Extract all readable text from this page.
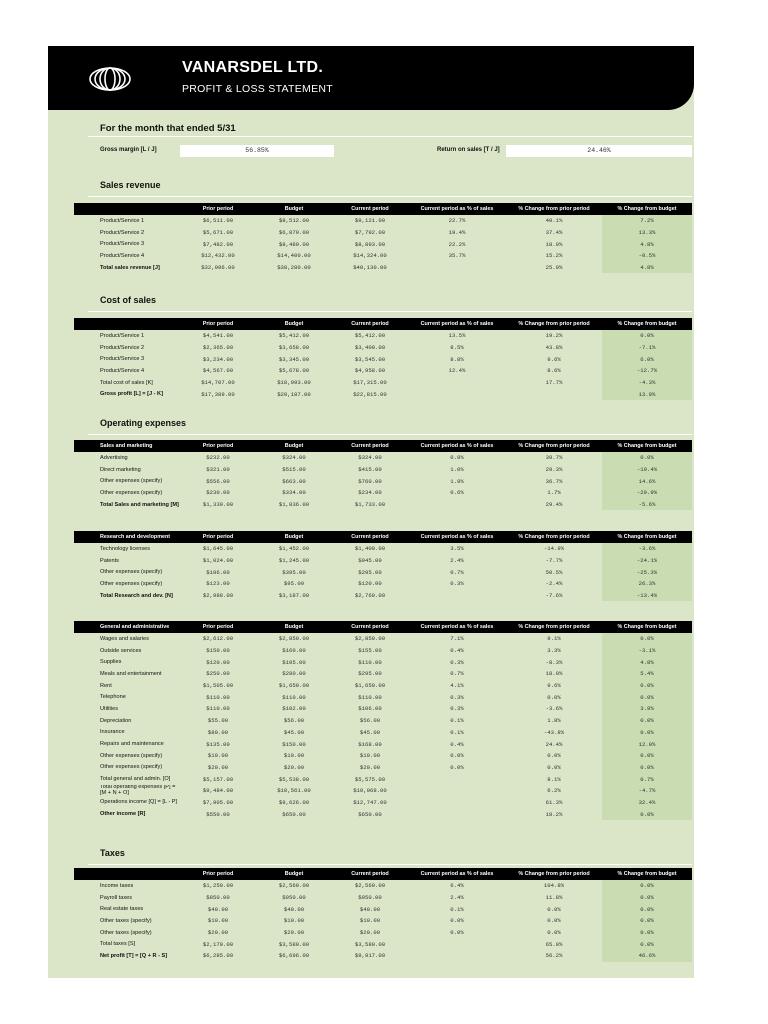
VANARSDEL LTD.
PROFIT & LOSS STATEMENT
For the month that ended 5/31
Gross margin [L / J]	56.85%	Return on sales [T / J]	24.46%
Sales revenue
	Prior period	Budget	Current period	Current period as % of sales	% Change from prior period	% Change from budget
Product/Service 1	$6,511.00	$8,512.00	$9,121.00	22.7%	40.1%	7.2%
Product/Service 2	$5,671.00	$6,879.00	$7,792.00	19.4%	37.4%	13.3%
Product/Service 3	$7,482.00	$8,489.00	$8,893.00	22.2%	18.9%	4.8%
Product/Service 4	$12,432.00	$14,400.00	$14,324.00	35.7%	15.2%	-0.5%
Total sales revenue [J]	$32,096.00	$38,280.00	$40,130.00		25.0%	4.8%
Cost of sales
	Prior period	Budget	Current period	Current period as % of sales	% Change from prior period	% Change from budget
Product/Service 1	$4,541.00	$5,412.00	$5,412.00	13.5%	19.2%	0.0%
Product/Service 2	$2,365.00	$3,658.00	$3,400.00	8.5%	43.8%	-7.1%
Product/Service 3	$3,234.00	$3,345.00	$3,545.00	8.8%	9.6%	6.0%
Product/Service 4	$4,567.00	$5,678.00	$4,958.00	12.4%	8.6%	-12.7%
Total cost of sales [K]	$14,707.00	$18,093.00	$17,315.00		17.7%	-4.3%
Gross profit [L] = [J - K]	$17,389.00	$20,187.00	$22,815.00			13.0%
Operating expenses
Sales and marketing	Prior period	Budget	Current period	Current period as % of sales	% Change from prior period	% Change from budget
Advertising	$232.00	$324.00	$324.00	0.8%	39.7%	0.0%
Direct marketing	$321.00	$515.00	$415.00	1.0%	29.3%	-19.4%
Other expenses (specify)	$556.00	$663.00	$760.00	1.9%	36.7%	14.6%
Other expenses (specify)	$230.00	$334.00	$234.00	0.6%	1.7%	-29.9%
Total Sales and marketing [M]	$1,339.00	$1,836.00	$1,733.00		29.4%	-5.6%
Research and development	Prior period	Budget	Current period	Current period as % of sales	% Change from prior period	% Change from budget
Technology licenses	$1,645.00	$1,452.00	$1,400.00	3.5%	-14.9%	-3.6%
Patents	$1,024.00	$1,245.00	$945.00	2.4%	-7.7%	-24.1%
Other expenses (specify)	$196.00	$395.00	$295.00	0.7%	50.5%	-25.3%
Other expenses (specify)	$123.00	$95.00	$120.00	0.3%	-2.4%	26.3%
Total Research and dev. [N]	$2,988.00	$3,187.00	$2,760.00		-7.6%	-13.4%
General and administrative	Prior period	Budget	Current period	Current period as % of sales	% Change from prior period	% Change from budget
Wages and salaries	$2,612.00	$2,850.00	$2,850.00	7.1%	9.1%	0.0%
Outside services	$150.00	$160.00	$155.00	0.4%	3.3%	-3.1%
Supplies	$120.00	$105.00	$110.00	0.3%	-8.3%	4.8%
Meals and entertainment	$250.00	$280.00	$295.00	0.7%	18.0%	5.4%
Rent	$1,505.00	$1,650.00	$1,650.00	4.1%	9.6%	0.0%
Telephone	$110.00	$110.00	$110.00	0.3%	0.0%	0.0%
Utilities	$110.00	$102.00	$106.00	0.3%	-3.6%	3.9%
Depreciation	$55.00	$56.00	$56.00	0.1%	1.8%	0.0%
Insurance	$80.00	$45.00	$45.00	0.1%	-43.8%	0.0%
Repairs and maintenance	$135.00	$150.00	$168.00	0.4%	24.4%	12.0%
Other expenses (specify)	$10.00	$10.00	$10.00	0.0%	0.0%	0.0%
Other expenses (specify)	$20.00	$20.00	$20.00	0.0%	0.0%	0.0%
Total general and admin. [O]	$5,157.00	$5,538.00	$5,575.00		8.1%	0.7%
Total operating expenses [P] = [M + N + O]	$9,484.00	$10,561.00	$10,068.00		6.2%	-4.7%
Operations income [Q] = [L - P]	$7,905.00	$9,626.00	$12,747.00		61.3%	32.4%
Other income [R]	$550.00	$650.00	$650.00		18.2%	0.0%
Taxes
	Prior period	Budget	Current period	Current period as % of sales	% Change from prior period	% Change from budget
Income taxes	$1,250.00	$2,560.00	$2,560.00	6.4%	104.8%	0.0%
Payroll taxes	$850.00	$950.00	$950.00	2.4%	11.8%	0.0%
Real estate taxes	$40.00	$40.00	$40.00	0.1%	0.0%	0.0%
Other taxes (specify)	$10.00	$10.00	$10.00	0.0%	0.0%	0.0%
Other taxes (specify)	$20.00	$20.00	$20.00	0.0%	0.0%	0.0%
Total taxes [S]	$2,170.00	$3,580.00	$3,580.00		65.0%	0.0%
Net profit [T] = [Q + R - S]	$6,285.00	$6,696.00	$9,817.00		56.2%	46.6%
